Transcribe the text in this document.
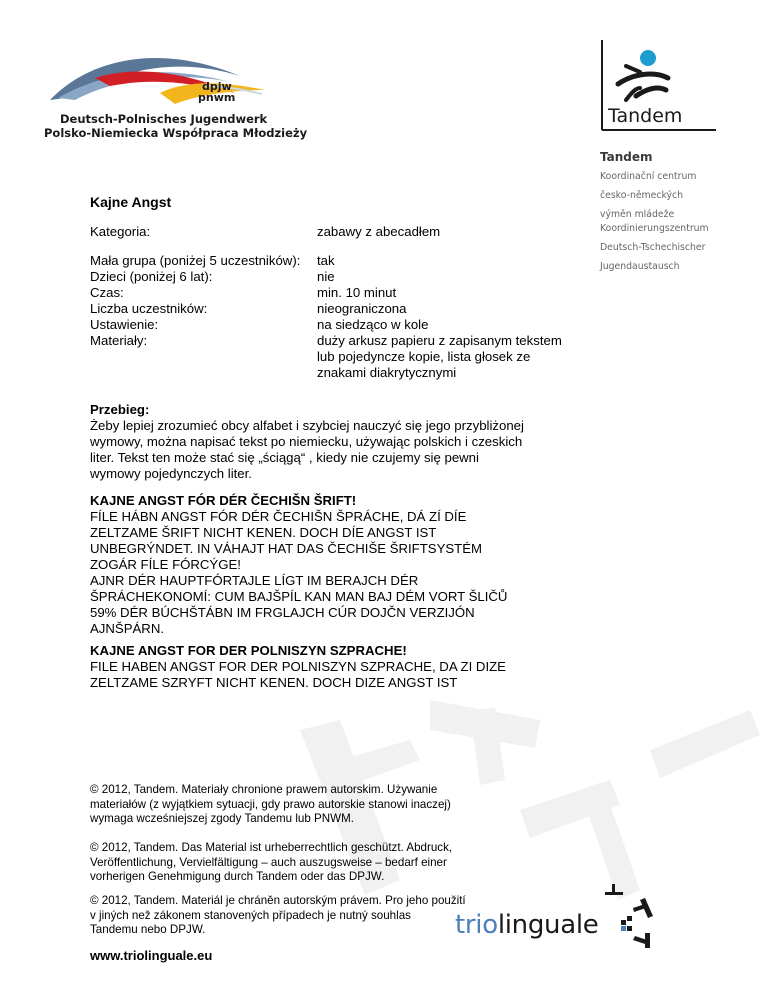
dpjw
pnwm
Deutsch-Polnisches Jugendwerk
Polsko-Niemiecka Współpraca Młodzieży
Tandem
Tandem
Koordinační centrum
česko-německých
výměn mládeže
Koordinierungszentrum
Deutsch-Tschechischer
Jugendaustausch
Kajne Angst
Kategoria:	zabawy z abecadłem
Mała grupa (poniżej 5 uczestników):
Dzieci (poniżej 6 lat):
Czas:
Liczba uczestników:
Ustawienie:
Materiały:
tak
nie
min. 10 minut
nieograniczona
na siedząco w kole
duży arkusz papieru z zapisanym tekstem lub pojedyncze kopie, lista głosek ze znakami diakrytycznymi
Przebieg:
Żeby lepiej zrozumieć obcy alfabet i szybciej nauczyć się jego przybliżonej
wymowy, można napisać tekst po niemiecku, używając polskich i czeskich
liter. Tekst ten może stać się „ściągą“ , kiedy nie czujemy się pewni
wymowy pojedynczych liter.
KAJNE ANGST FÓR DÉR ČECHIŠN ŠRIFT!
FÍLE HÁBN ANGST FÓR DÉR ČECHIŠN ŠPRÁCHE, DÁ ZÍ DÍE
ZELTZAME ŠRIFT NICHT KENEN. DOCH DÍE ANGST IST
UNBEGRÝNDET. IN VÁHAJT HAT DAS ČECHIŠE ŠRIFTSYSTÉM
ZOGÁR FÍLE FÓRCÝGE!
AJNR DÉR HAUPTFÓRTAJLE LÍGT IM BERAJCH DÉR
ŠPRÁCHEKONOMÍ: CUM BAJŠPÍL KAN MAN BAJ DÉM VORT ŠLIČŮ
59% DÉR BÚCHŠTÁBN IM FRGLAJCH CÚR DOJČN VERZIJÓN
AJNŠPÁRN.
KAJNE ANGST FOR DER POLNISZYN SZPRACHE!
FILE HABEN ANGST FOR DER POLNISZYN SZPRACHE, DA ZI DIZE
ZELTZAME SZRYFT NICHT KENEN. DOCH DIZE ANGST IST
© 2012, Tandem. Materiały chronione prawem autorskim. Używanie
materiałów (z wyjątkiem sytuacji, gdy prawo autorskie stanowi inaczej)
wymaga wcześniejszej zgody Tandemu lub PNWM.
© 2012, Tandem. Das Material ist urheberrechtlich geschützt. Abdruck,
Veröffentlichung, Vervielfältigung – auch auszugsweise – bedarf einer
vorherigen Genehmigung durch Tandem oder das DPJW.
© 2012, Tandem. Materiál je chráněn autorským právem. Pro jeho použití
v jiných než zákonem stanovených případech je nutný souhlas
Tandemu nebo DPJW.
www.triolinguale.eu
triolinguale
